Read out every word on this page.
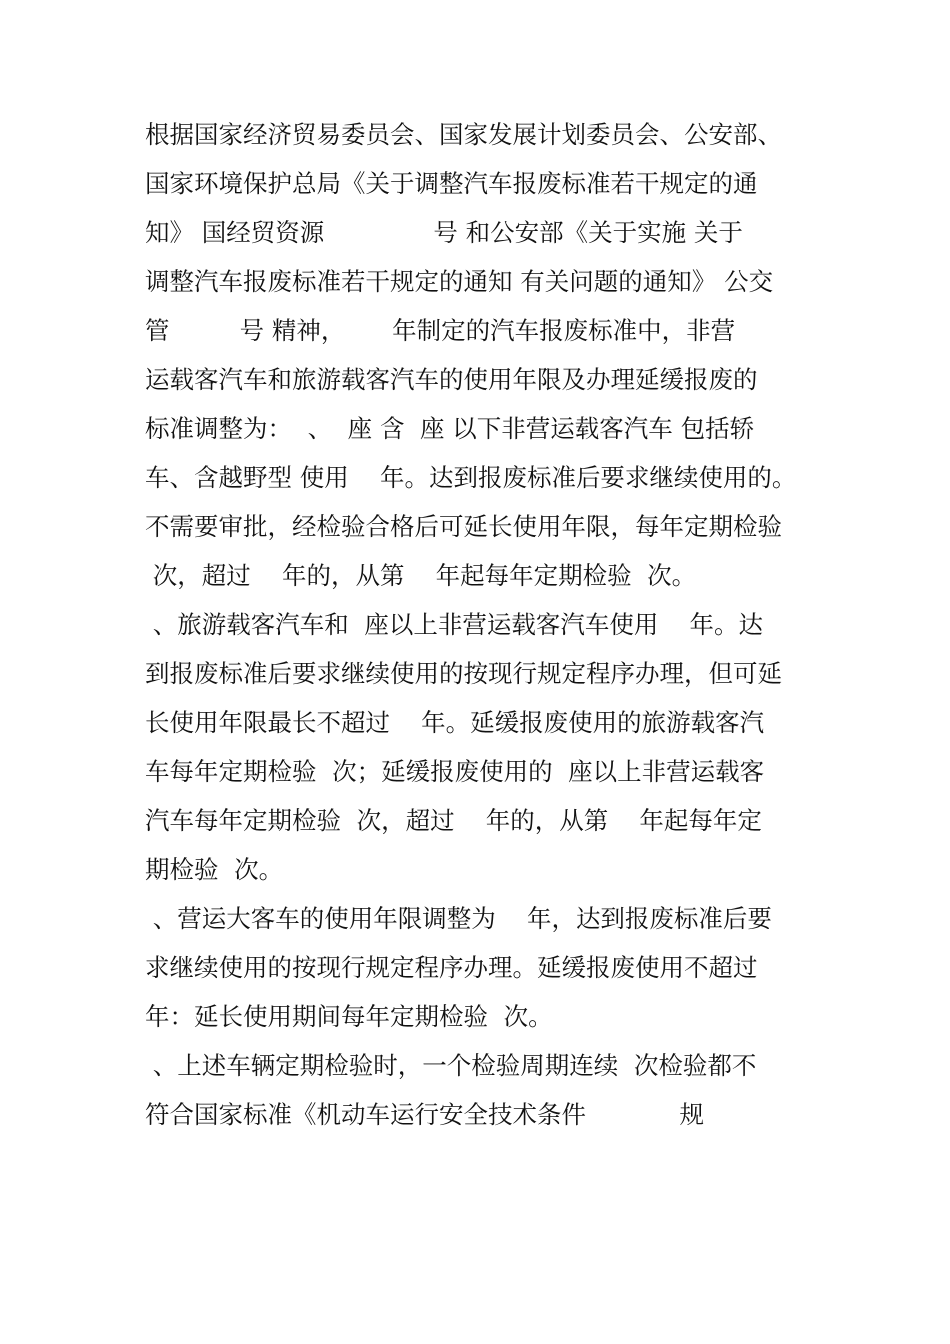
根据国家经济贸易委员会、国家发展计划委员会、公安部、
国家环境保护总局《关于调整汽车报废标准若干规定的通
知》 国经贸资源              号 和公安部《关于实施 关于
调整汽车报废标准若干规定的通知 有关问题的通知》 公交
管         号 精神，      年制定的汽车报废标准中，非营
运载客汽车和旅游载客汽车的使用年限及办理延缓报废的
标准调整为：  、  座 含  座 以下非营运载客汽车 包括轿
车、含越野型 使用    年。达到报废标准后要求继续使用的。
不需要审批，经检验合格后可延长使用年限，每年定期检验
次，超过    年的，从第    年起每年定期检验  次。
、旅游载客汽车和  座以上非营运载客汽车使用    年。达
到报废标准后要求继续使用的按现行规定程序办理，但可延
长使用年限最长不超过    年。延缓报废使用的旅游载客汽
车每年定期检验  次；延缓报废使用的  座以上非营运载客
汽车每年定期检验  次，超过    年的，从第    年起每年定
期检验  次。
、营运大客车的使用年限调整为    年，达到报废标准后要
求继续使用的按现行规定程序办理。延缓报废使用不超过
年：延长使用期间每年定期检验  次。
、上述车辆定期检验时，一个检验周期连续  次检验都不
符合国家标准《机动车运行安全技术条件            规
